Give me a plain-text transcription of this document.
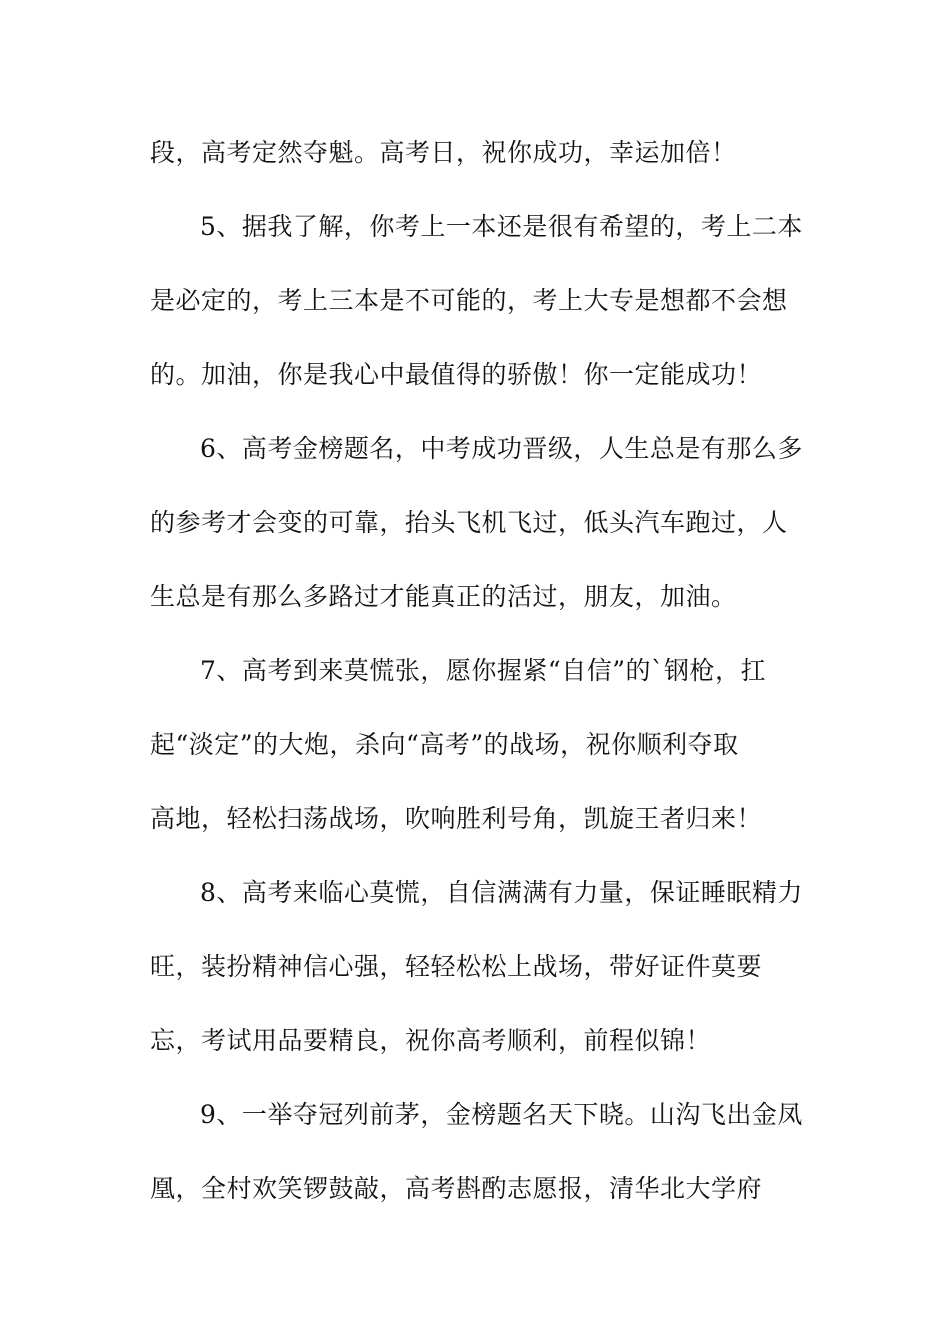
段，高考定然夺魁。高考日，祝你成功，幸运加倍！
5、据我了解，你考上一本还是很有希望的，考上二本
是必定的，考上三本是不可能的，考上大专是想都不会想
的。加油，你是我心中最值得的骄傲！你一定能成功！
6、高考金榜题名，中考成功晋级，人生总是有那么多
的参考才会变的可靠，抬头飞机飞过，低头汽车跑过，人
生总是有那么多路过才能真正的活过，朋友，加油。
7、高考到来莫慌张，愿你握紧“自信”的`钢枪，扛
起“淡定”的大炮，杀向“高考”的战场，祝你顺利夺取
高地，轻松扫荡战场，吹响胜利号角，凯旋王者归来！
8、高考来临心莫慌，自信满满有力量，保证睡眠精力
旺，装扮精神信心强，轻轻松松上战场，带好证件莫要
忘，考试用品要精良，祝你高考顺利，前程似锦！
9、一举夺冠列前茅，金榜题名天下晓。山沟飞出金凤
凰，全村欢笑锣鼓敲，高考斟酌志愿报，清华北大学府
